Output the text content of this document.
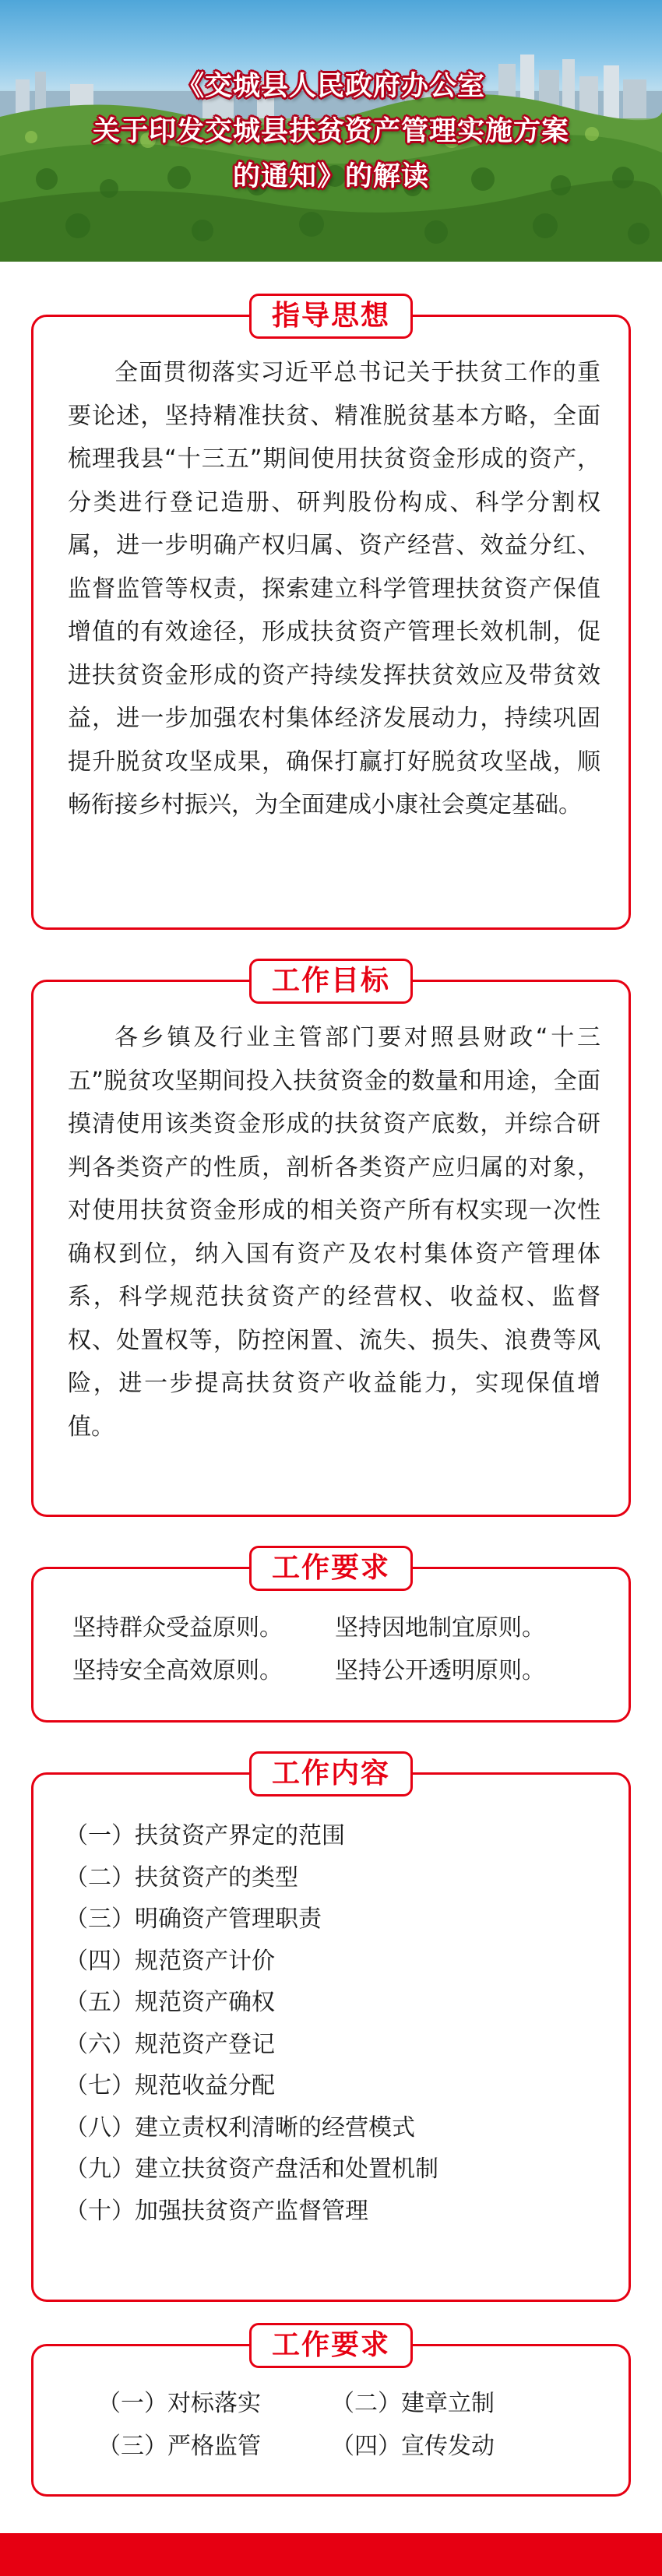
《交城县人民政府办公室
关于印发交城县扶贫资产管理实施方案
的通知》的解读
指导思想
全面贯彻落实习近平总书记关于扶贫工作的重要论述，坚持精准扶贫、精准脱贫基本方略，全面梳理我县“十三五”期间使用扶贫资金形成的资产，分类进行登记造册、研判股份构成、科学分割权属，进一步明确产权归属、资产经营、效益分红、监督监管等权责，探索建立科学管理扶贫资产保值增值的有效途径，形成扶贫资产管理长效机制，促进扶贫资金形成的资产持续发挥扶贫效应及带贫效益，进一步加强农村集体经济发展动力，持续巩固提升脱贫攻坚成果，确保打赢打好脱贫攻坚战，顺畅衔接乡村振兴，为全面建成小康社会奠定基础。
工作目标
各乡镇及行业主管部门要对照县财政“十三五”脱贫攻坚期间投入扶贫资金的数量和用途，全面摸清使用该类资金形成的扶贫资产底数，并综合研判各类资产的性质，剖析各类资产应归属的对象，对使用扶贫资金形成的相关资产所有权实现一次性确权到位，纳入国有资产及农村集体资产管理体系，科学规范扶贫资产的经营权、收益权、监督权、处置权等，防控闲置、流失、损失、浪费等风险，进一步提高扶贫资产收益能力，实现保值增值。
工作要求
坚持群众受益原则。	坚持因地制宜原则。
坚持安全高效原则。	坚持公开透明原则。
工作内容
（一）扶贫资产界定的范围
（二）扶贫资产的类型
（三）明确资产管理职责
（四）规范资产计价
（五）规范资产确权
（六）规范资产登记
（七）规范收益分配
（八）建立责权利清晰的经营模式
（九）建立扶贫资产盘活和处置机制
（十）加强扶贫资产监督管理
工作要求
（一）对标落实	（二）建章立制
（三）严格监管	（四）宣传发动
